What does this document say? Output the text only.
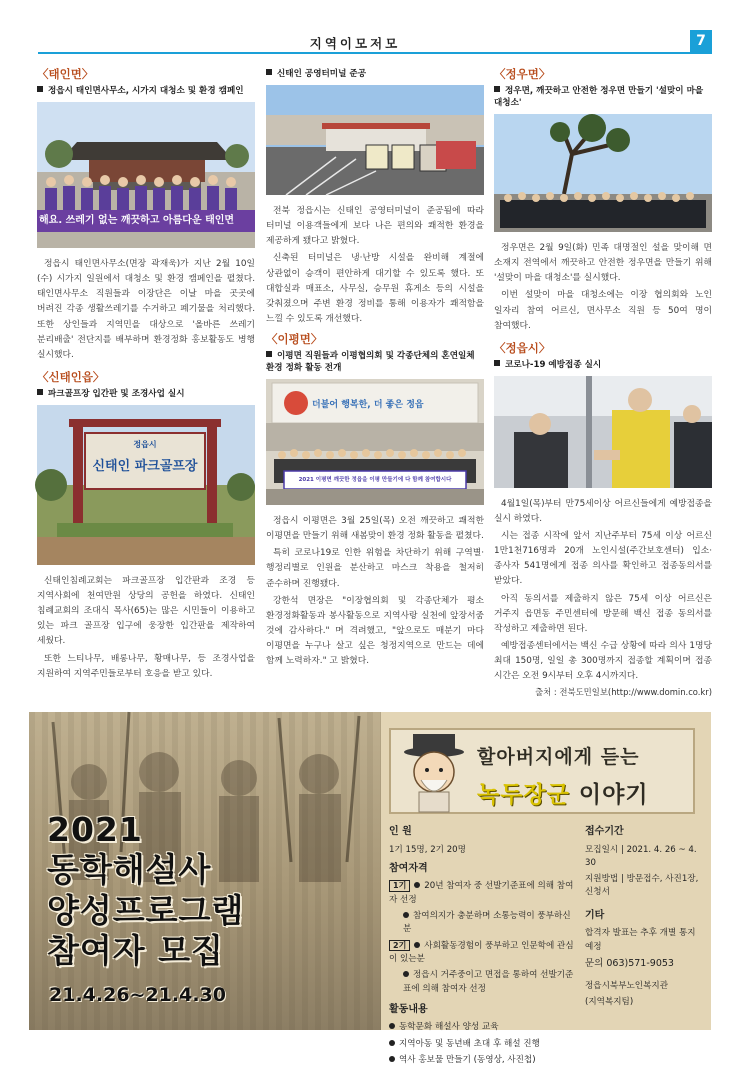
지역이모저모	7
〈태인면〉
정읍시 태인면사무소, 시가지 대청소 및 환경 캠페인
해요. 쓰레기 없는 깨끗하고 아름다운 태인면

정읍시 태인면사무소(면장 곽재욱)가 지난 2월 10일(수) 시가지 일원에서 대청소 및 환경 캠페인을 펼쳤다. 태인면사무소 직원들과 이장단은 이날 마을 곳곳에 버려진 각종 생활쓰레기를 수거하고 폐기물을 처리했다. 또한 상인들과 지역민을 대상으로 '올바른 쓰레기 분리배출' 전단지를 배부하며 환경정화 홍보활동도 병행 실시했다.

〈신태인읍〉
파크골프장 입간판 및 조경사업 실시
정읍시
신태인 파크골프장

신태인침례교회는 파크골프장 입간판과 조경 등 지역사회에 천여만원 상당의 공헌을 하였다. 신태인 침례교회의 조대식 목사(65)는 많은 시민들이 이용하고 있는 파크 골프장 입구에 웅장한 입간판을 제작하여 세웠다.

또한 느티나무, 배롱나무, 황매나무, 등 조경사업을 지원하여 지역주민들로부터 호응을 받고 있다.

신태인 공영터미널 준공

전북 정읍시는 신태인 공영터미널이 준공됨에 따라 터미널 이용객들에게 보다 나은 편의와 쾌적한 환경을 제공하게 됐다고 밝혔다.

신축된 터미널은 냉·난방 시설을 완비해 계절에 상관없이 승객이 편안하게 대기할 수 있도록 했다. 또 대합실과 매표소, 사무실, 승무원 휴게소 등의 시설을 갖춰졌으며 주변 환경 정비를 통해 이용자가 쾌적함을 느낄 수 있도록 개선했다.

〈이평면〉
이평면 직원들과 이평협의회 및 각종단체의 혼연일체 환경 정화 활동 전개
더불어 행복한, 더 좋은 정읍
2021 이평면 깨끗한 정읍을 이평 만들기에 다 함께 참여합시다

정읍시 이평면은 3월 25일(목) 오전 깨끗하고 쾌적한 이평면을 만들기 위해 새봄맞이 환경 정화 활동을 펼쳤다.

특히 코로나19로 인한 위험을 차단하기 위해 구역별·행정리별로 인원을 분산하고 마스크 착용을 철저히 준수하며 진행됐다.

강한석 면장은 "이장협의회 및 각종단체가 평소 환경정화활동과 봉사활동으로 지역사랑 실천에 앞장서줌 것에 감사하다." 며 격려했고, "앞으로도 매분기 마다 이평면을 누구나 살고 싶은 청정지역으로 만드는 데에 함께 노력하자." 고 밝혔다.

〈정우면〉
정우면, 깨끗하고 안전한 정우면 만들기 '설맞이 마을 대청소'

정우면은 2월 9일(화) 민족 대명절인 설을 맞이해 면 소재지 전역에서 깨끗하고 안전한 정우면을 만들기 위해 '설맞이 마을 대청소'를 실시했다.

이번 설맞이 마을 대청소에는 이장 협의회와 노인 일자리 참여 어르신, 면사무소 직원 등 50여 명이 참여했다.

〈정읍시〉
코로나-19 예방접종 실시

4월1일(목)부터 만75세이상 어르신들에게 예방접종을 실시 하였다.

시는 접종 시작에 앞서 지난주부터 75세 이상 어르신 1만1천716명과 20개 노인시설(주간보호센터) 입소·종사자 541명에게 접종 의사를 확인하고 접종동의서를 받았다.

아직 동의서를 제출하지 않은 75세 이상 어르신은 거주지 읍면동 주민센터에 방문해 백신 접종 동의서를 작성하고 제출하면 된다.

예방접종센터에서는 백신 수급 상황에 따라 의사 1명당 최대 150명, 일일 총 300명까지 접종할 계획이며 접종 시간은 오전 9시부터 오후 4시까지다.

출처 : 전북도민일보(http://www.domin.co.kr)
2021
동학해설사
양성프로그램
참여자 모집
21.4.26~21.4.30
할아버지에게 듣는
녹두장군 이야기
인 원
1기 15명, 2기 20명
참여자격
1기 20년 참여자 중 선발기준표에 의해 참여자 선정
참여의지가 충분하며 소통능력이 풍부하신 분
2기 사회활동경험이 풍부하고 인문학에 관심이 있는분
정읍시 거주중이고 면접을 통하여 선발기준표에 의해 참여자 선정
활동내용
동학문화 해설사 양성 교육
지역아동 및 동년배 초대 후 해설 진행
역사 홍보물 만들기 (동영상, 사진첩)
접수기간
모집일시 | 2021. 4. 26 ~ 4. 30
지원방법 | 방문접수, 사진1장, 신청서
기타
합격자 발표는 추후 개별 통지 예정
문의 063)571-9053
정읍시북부노인복지관
(지역복지팀)
